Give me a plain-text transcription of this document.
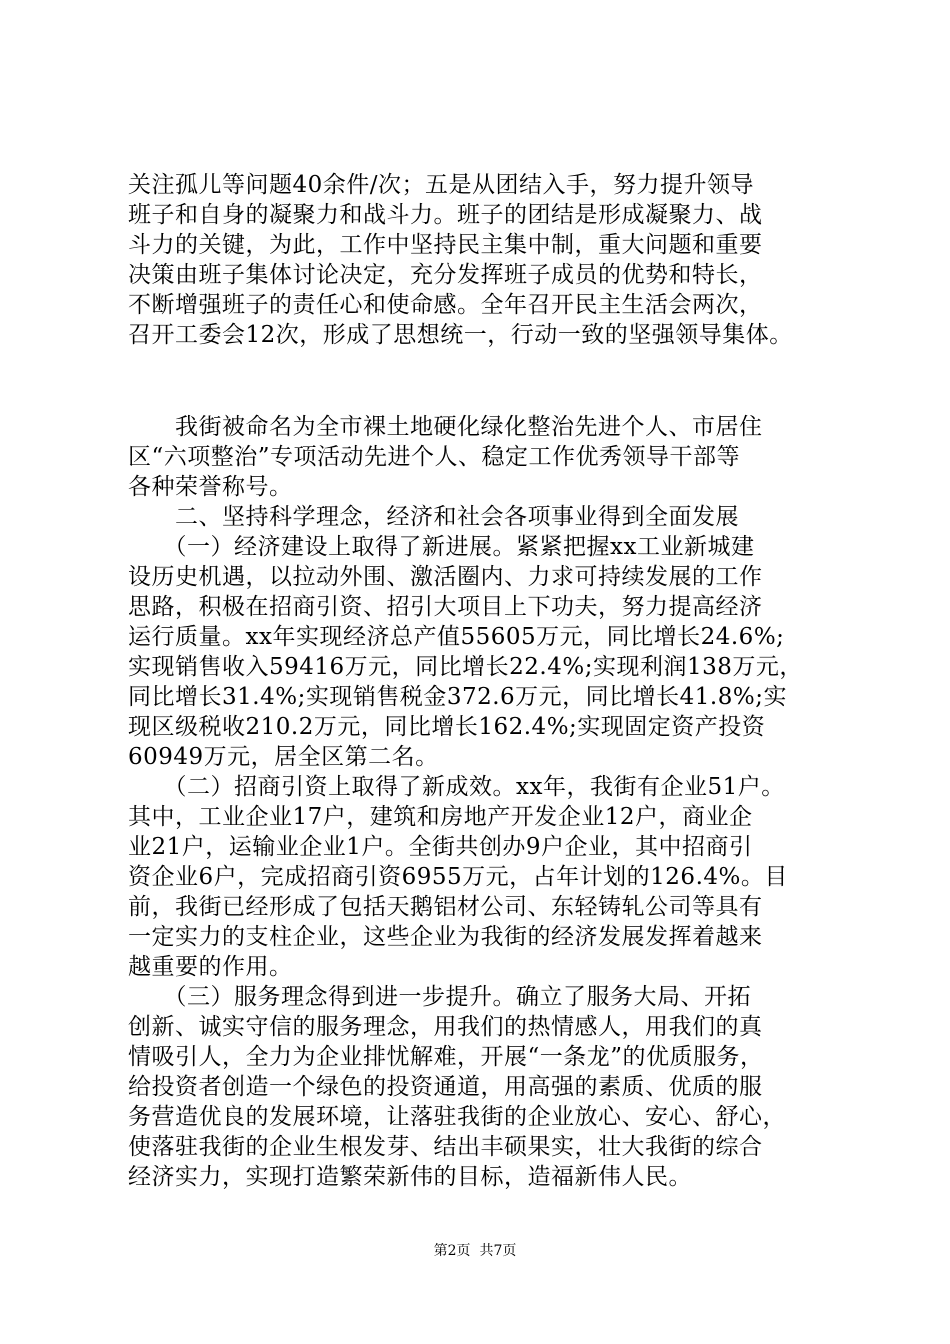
关注孤儿等问题40余件/次；五是从团结入手，努力提升领导
班子和自身的凝聚力和战斗力。班子的团结是形成凝聚力、战
斗力的关键，为此，工作中坚持民主集中制，重大问题和重要
决策由班子集体讨论决定，充分发挥班子成员的优势和特长，
不断增强班子的责任心和使命感。全年召开民主生活会两次，
召开工委会12次，形成了思想统一，行动一致的坚强领导集体。
　　我街被命名为全市裸土地硬化绿化整治先进个人、市居住
区“六项整治”专项活动先进个人、稳定工作优秀领导干部等
各种荣誉称号。
　　二、坚持科学理念，经济和社会各项事业得到全面发展
　　（一）经济建设上取得了新进展。紧紧把握xx工业新城建
设历史机遇，以拉动外围、激活圈内、力求可持续发展的工作
思路，积极在招商引资、招引大项目上下功夫，努力提高经济
运行质量。xx年实现经济总产值55605万元，同比增长24.6%;
实现销售收入59416万元，同比增长22.4%;实现利润138万元，
同比增长31.4%;实现销售税金372.6万元，同比增长41.8%;实
现区级税收210.2万元，同比增长162.4%;实现固定资产投资
60949万元，居全区第二名。
　　（二）招商引资上取得了新成效。xx年，我街有企业51户。
其中，工业企业17户，建筑和房地产开发企业12户，商业企
业21户，运输业企业1户。全街共创办9户企业，其中招商引
资企业6户，完成招商引资6955万元，占年计划的126.4%。目
前，我街已经形成了包括天鹅铝材公司、东轻铸轧公司等具有
一定实力的支柱企业，这些企业为我街的经济发展发挥着越来
越重要的作用。
　　（三）服务理念得到进一步提升。确立了服务大局、开拓
创新、诚实守信的服务理念，用我们的热情感人，用我们的真
情吸引人，全力为企业排忧解难，开展“一条龙”的优质服务，
给投资者创造一个绿色的投资通道，用高强的素质、优质的服
务营造优良的发展环境，让落驻我街的企业放心、安心、舒心，
使落驻我街的企业生根发芽、结出丰硕果实，壮大我街的综合
经济实力，实现打造繁荣新伟的目标，造福新伟人民。
第2页  共7页
